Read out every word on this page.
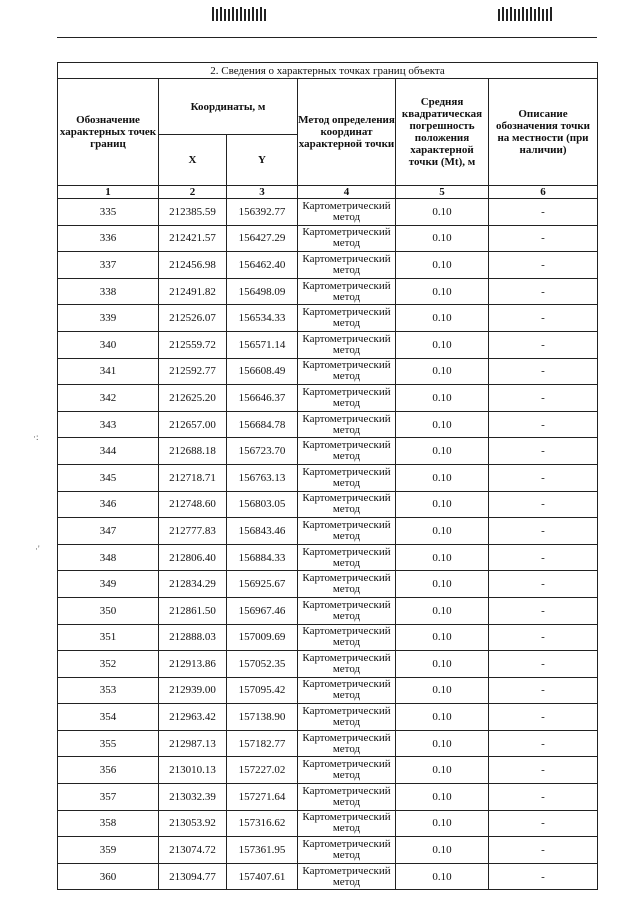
·:
·'
2. Сведения о характерных точках границ объекта					
Обозначение характерных точек границ	Координаты, м		Метод определения координат характерной точки	Средняя квадратическая погрешность положения характерной точки (Mt), м	Описание обозначения точки на местности (при наличии)
	X	Y			
1	2	3	4	5	6
335	212385.59	156392.77	Картометрический метод	0.10	-
336	212421.57	156427.29	Картометрический метод	0.10	-
337	212456.98	156462.40	Картометрический метод	0.10	-
338	212491.82	156498.09	Картометрический метод	0.10	-
339	212526.07	156534.33	Картометрический метод	0.10	-
340	212559.72	156571.14	Картометрический метод	0.10	-
341	212592.77	156608.49	Картометрический метод	0.10	-
342	212625.20	156646.37	Картометрический метод	0.10	-
343	212657.00	156684.78	Картометрический метод	0.10	-
344	212688.18	156723.70	Картометрический метод	0.10	-
345	212718.71	156763.13	Картометрический метод	0.10	-
346	212748.60	156803.05	Картометрический метод	0.10	-
347	212777.83	156843.46	Картометрический метод	0.10	-
348	212806.40	156884.33	Картометрический метод	0.10	-
349	212834.29	156925.67	Картометрический метод	0.10	-
350	212861.50	156967.46	Картометрический метод	0.10	-
351	212888.03	157009.69	Картометрический метод	0.10	-
352	212913.86	157052.35	Картометрический метод	0.10	-
353	212939.00	157095.42	Картометрический метод	0.10	-
354	212963.42	157138.90	Картометрический метод	0.10	-
355	212987.13	157182.77	Картометрический метод	0.10	-
356	213010.13	157227.02	Картометрический метод	0.10	-
357	213032.39	157271.64	Картометрический метод	0.10	-
358	213053.92	157316.62	Картометрический метод	0.10	-
359	213074.72	157361.95	Картометрический метод	0.10	-
360	213094.77	157407.61	Картометрический метод	0.10	-
